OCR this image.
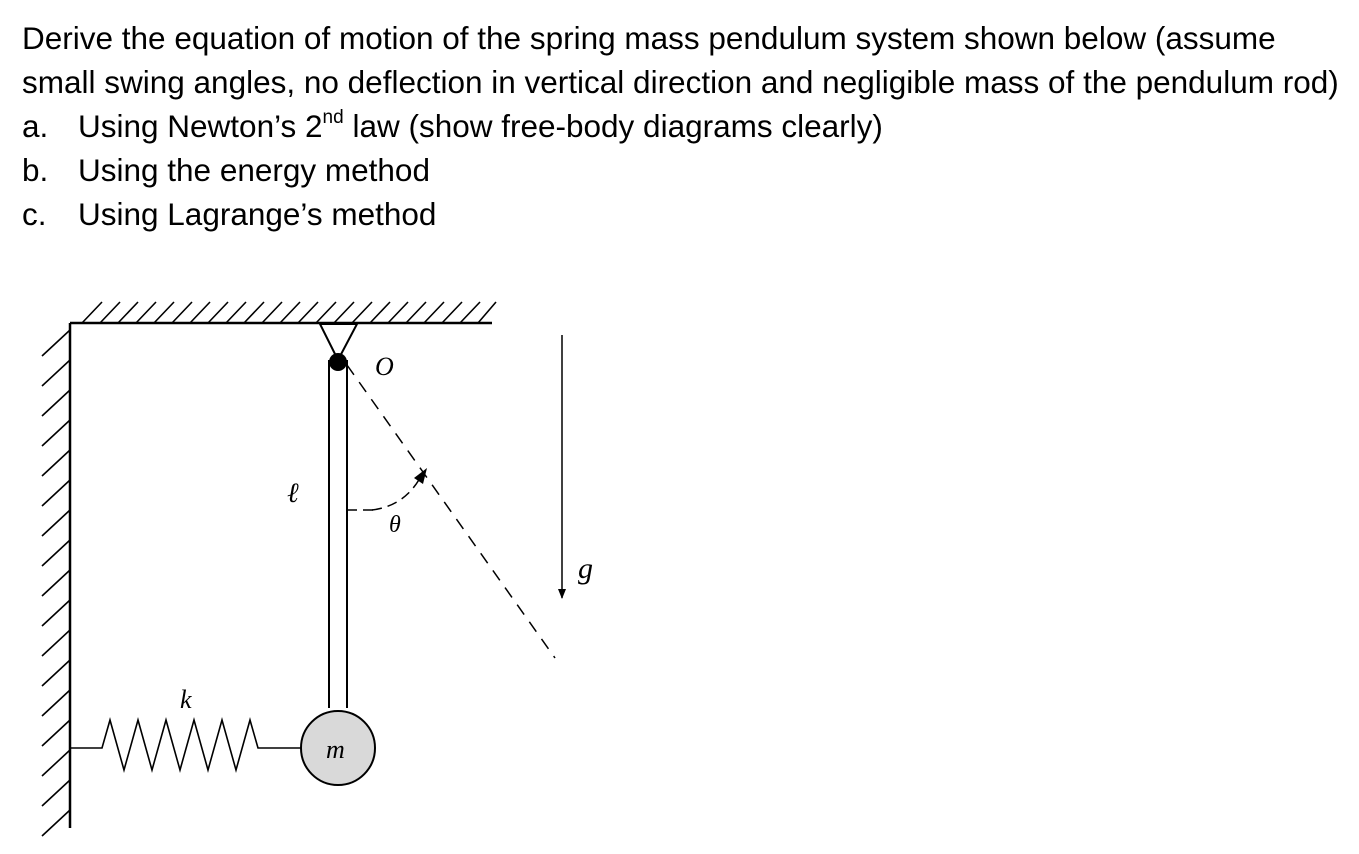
Derive the equation of motion of the spring mass pendulum system shown below (assume small swing angles, no deflection in vertical direction and negligible mass of the pendulum rod)

a. Using Newton’s 2nd law (show free-body diagrams clearly)
b. Using the energy method
c. Using Lagrange’s method
O
ℓ
θ
g
k
m
